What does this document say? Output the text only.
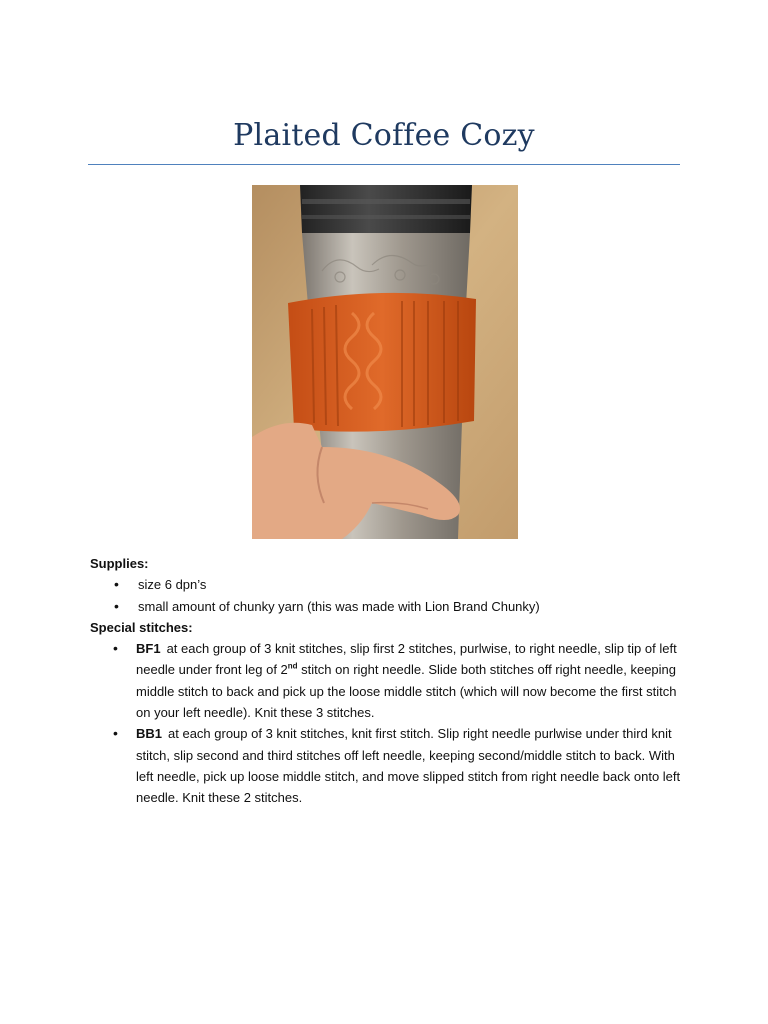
Plaited Coffee Cozy
Supplies:
• size 6 dpn’s
• small amount of chunky yarn (this was made with Lion Brand Chunky)
Special stitches:
• BF1 at each group of 3 knit stitches, slip first 2 stitches, purlwise, to right needle, slip tip of left needle under front leg of 2nd stitch on right needle. Slide both stitches off right needle, keeping middle stitch to back and pick up the loose middle stitch (which will now become the first stitch on your left needle). Knit these 3 stitches.
• BB1 at each group of 3 knit stitches, knit first stitch. Slip right needle purlwise under third knit stitch, slip second and third stitches off left needle, keeping second/middle stitch to back. With left needle, pick up loose middle stitch, and move slipped stitch from right needle back onto left needle. Knit these 2 stitches.
